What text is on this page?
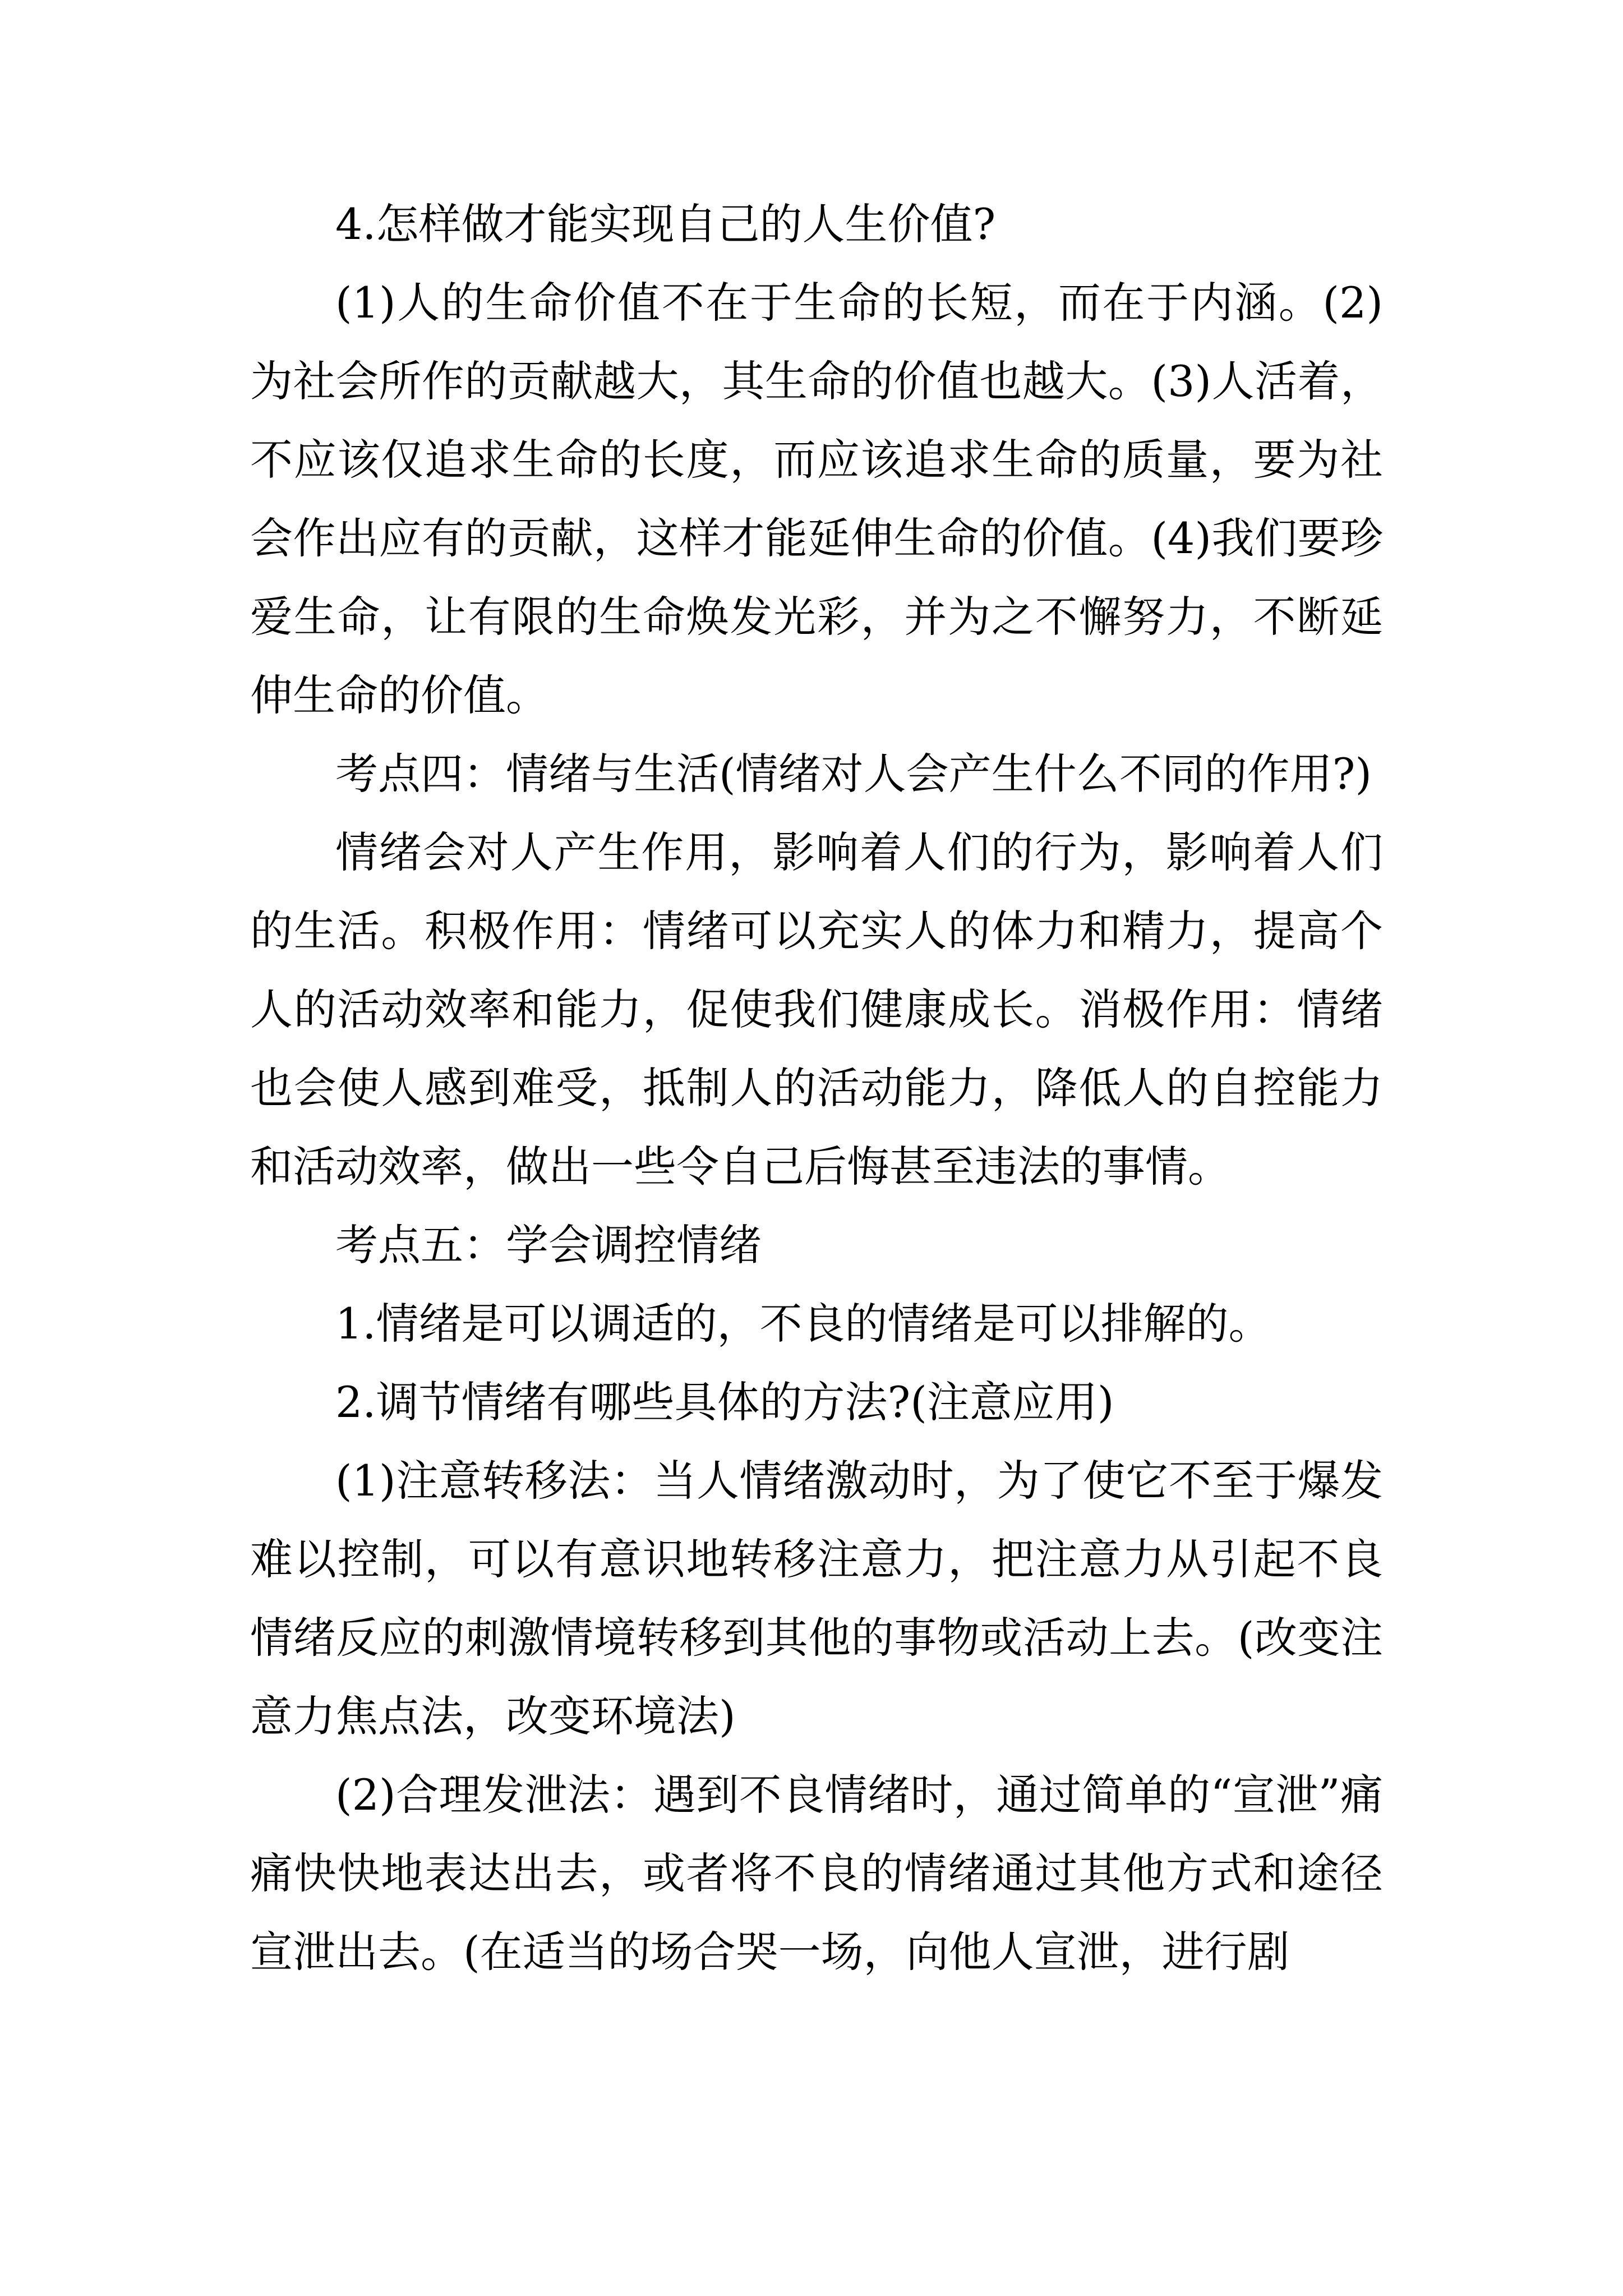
4.怎样做才能实现自己的人生价值?

(1)人的生命价值不在于生命的长短，而在于内涵。(2)为社会所作的贡献越大，其生命的价值也越大。(3)人活着，不应该仅追求生命的长度，而应该追求生命的质量，要为社会作出应有的贡献，这样才能延伸生命的价值。(4)我们要珍爱生命，让有限的生命焕发光彩，并为之不懈努力，不断延伸生命的价值。

考点四：情绪与生活(情绪对人会产生什么不同的作用?)

情绪会对人产生作用，影响着人们的行为，影响着人们的生活。积极作用：情绪可以充实人的体力和精力，提高个人的活动效率和能力，促使我们健康成长。消极作用：情绪也会使人感到难受，抵制人的活动能力，降低人的自控能力和活动效率，做出一些令自己后悔甚至违法的事情。

考点五：学会调控情绪

1.情绪是可以调适的，不良的情绪是可以排解的。

2.调节情绪有哪些具体的方法?(注意应用)

(1)注意转移法：当人情绪激动时，为了使它不至于爆发难以控制，可以有意识地转移注意力，把注意力从引起不良情绪反应的刺激情境转移到其他的事物或活动上去。(改变注意力焦点法，改变环境法)

(2)合理发泄法：遇到不良情绪时，通过简单的“宣泄”痛痛快快地表达出去，或者将不良的情绪通过其他方式和途径宣泄出去。(在适当的场合哭一场，向他人宣泄，进行剧
